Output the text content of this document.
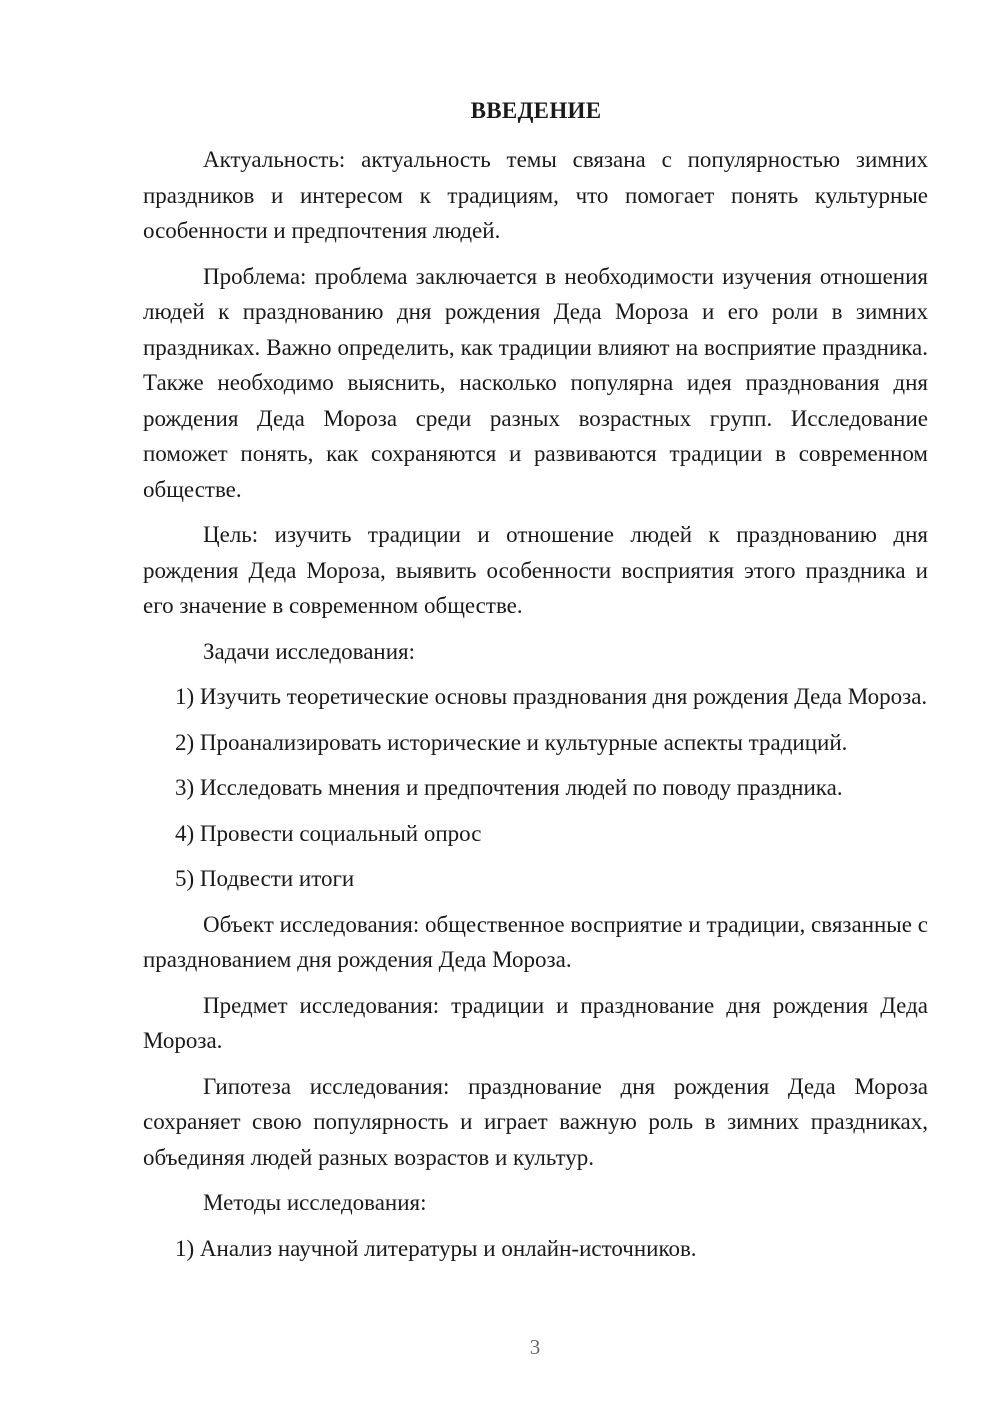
ВВЕДЕНИЕ

Актуальность: актуальность темы связана с популярностью зимних праздников и интересом к традициям, что помогает понять культурные особенности и предпочтения людей.

Проблема: проблема заключается в необходимости изучения отношения людей к празднованию дня рождения Деда Мороза и его роли в зимних праздниках. Важно определить, как традиции влияют на восприятие праздника. Также необходимо выяснить, насколько популярна идея празднования дня рождения Деда Мороза среди разных возрастных групп. Исследование поможет понять, как сохраняются и развиваются традиции в современном обществе.

Цель: изучить традиции и отношение людей к празднованию дня рождения Деда Мороза, выявить особенности восприятия этого праздника и его значение в современном обществе.

Задачи исследования:

1) Изучить теоретические основы празднования дня рождения Деда Мороза.

2) Проанализировать исторические и культурные аспекты традиций.

3) Исследовать мнения и предпочтения людей по поводу праздника.

4) Провести социальный опрос

5) Подвести итоги

Объект исследования: общественное восприятие и традиции, связанные с празднованием дня рождения Деда Мороза.

Предмет исследования: традиции и празднование дня рождения Деда Мороза.

Гипотеза исследования: празднование дня рождения Деда Мороза сохраняет свою популярность и играет важную роль в зимних праздниках, объединяя людей разных возрастов и культур.

Методы исследования:

1) Анализ научной литературы и онлайн-источников.

3
